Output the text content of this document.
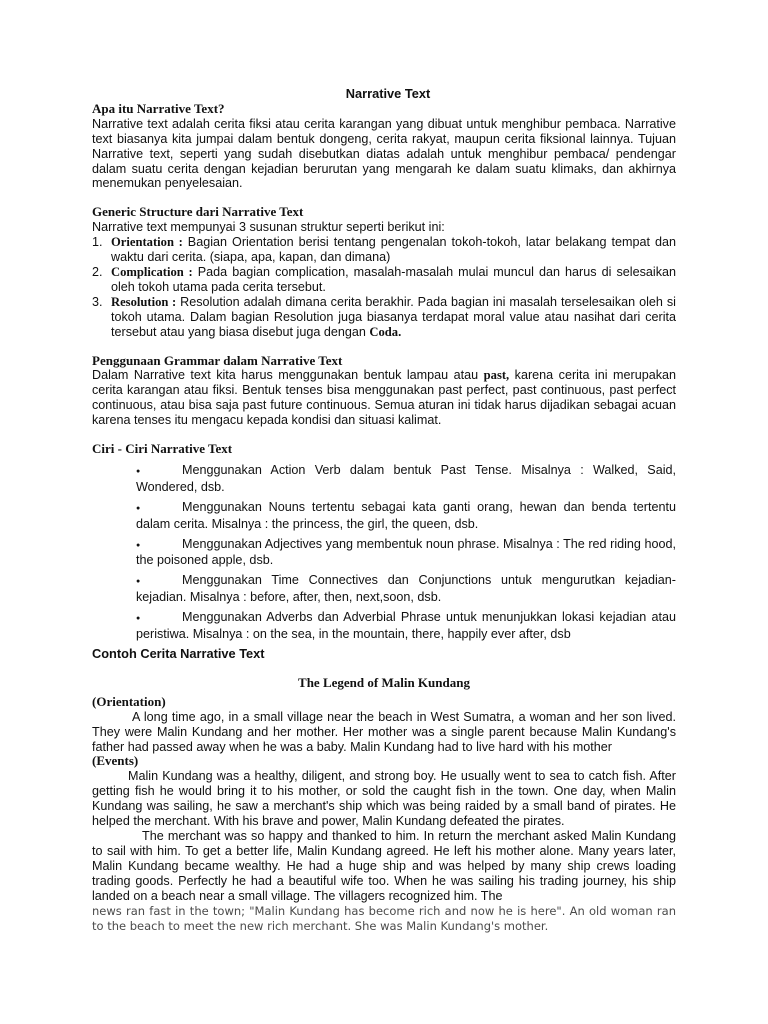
Narrative Text
Apa itu Narrative Text?
Narrative text adalah cerita fiksi atau cerita karangan yang dibuat untuk menghibur pembaca. Narrative text biasanya kita jumpai dalam bentuk dongeng, cerita rakyat, maupun cerita fiksional lainnya. Tujuan Narrative text, seperti yang sudah disebutkan diatas adalah untuk menghibur pembaca/ pendengar dalam suatu cerita dengan kejadian berurutan yang mengarah ke dalam suatu klimaks, dan akhirnya menemukan penyelesaian.
Generic Structure dari Narrative Text
Narrative text mempunyai 3 susunan struktur seperti berikut ini:
1. Orientation : Bagian Orientation berisi tentang pengenalan tokoh-tokoh, latar belakang tempat dan waktu dari cerita. (siapa, apa, kapan, dan dimana)
2. Complication : Pada bagian complication, masalah-masalah mulai muncul dan harus di selesaikan oleh tokoh utama pada cerita tersebut.
3. Resolution : Resolution adalah dimana cerita berakhir. Pada bagian ini masalah terselesaikan oleh si tokoh utama. Dalam bagian Resolution juga biasanya terdapat moral value atau nasihat dari cerita tersebut atau yang biasa disebut juga dengan Coda.
Penggunaan Grammar dalam Narrative Text
Dalam Narrative text kita harus menggunakan bentuk lampau atau past, karena cerita ini merupakan cerita karangan atau fiksi. Bentuk tenses bisa menggunakan past perfect, past continuous, past perfect continuous, atau bisa saja past future continuous. Semua aturan ini tidak harus dijadikan sebagai acuan karena tenses itu mengacu kepada kondisi dan situasi kalimat.
Ciri - Ciri Narrative Text
●	Menggunakan Action Verb dalam bentuk Past Tense. Misalnya : Walked, Said, Wondered, dsb.
●	Menggunakan Nouns tertentu sebagai kata ganti orang, hewan dan benda tertentu dalam cerita. Misalnya : the princess, the girl, the queen, dsb.
●	Menggunakan Adjectives yang membentuk noun phrase. Misalnya : The red riding hood, the poisoned apple, dsb.
●	Menggunakan Time Connectives dan Conjunctions untuk mengurutkan kejadian-kejadian. Misalnya : before, after, then, next,soon, dsb.
●	Menggunakan Adverbs dan Adverbial Phrase untuk menunjukkan lokasi kejadian atau peristiwa. Misalnya : on the sea, in the mountain, there, happily ever after, dsb
Contoh Cerita Narrative Text
The Legend of Malin Kundang
(Orientation)
A long time ago, in a small village near the beach in West Sumatra, a woman and her son lived. They were Malin Kundang and her mother. Her mother was a single parent because Malin Kundang's father had passed away when he was a baby. Malin Kundang had to live hard with his mother
(Events)
Malin Kundang was a healthy, diligent, and strong boy. He usually went to sea to catch fish. After getting fish he would bring it to his mother, or sold the caught fish in the town. One day, when Malin Kundang was sailing, he saw a merchant's ship which was being raided by a small band of pirates. He helped the merchant. With his brave and power, Malin Kundang defeated the pirates.
The merchant was so happy and thanked to him. In return the merchant asked Malin Kundang to sail with him. To get a better life, Malin Kundang agreed. He left his mother alone. Many years later, Malin Kundang became wealthy. He had a huge ship and was helped by many ship crews loading trading goods. Perfectly he had a beautiful wife too. When he was sailing his trading journey, his ship landed on a beach near a small village. The villagers recognized him. The
news ran fast in the town; "Malin Kundang has become rich and now he is here". An old woman ran to the beach to meet the new rich merchant. She was Malin Kundang's mother.
